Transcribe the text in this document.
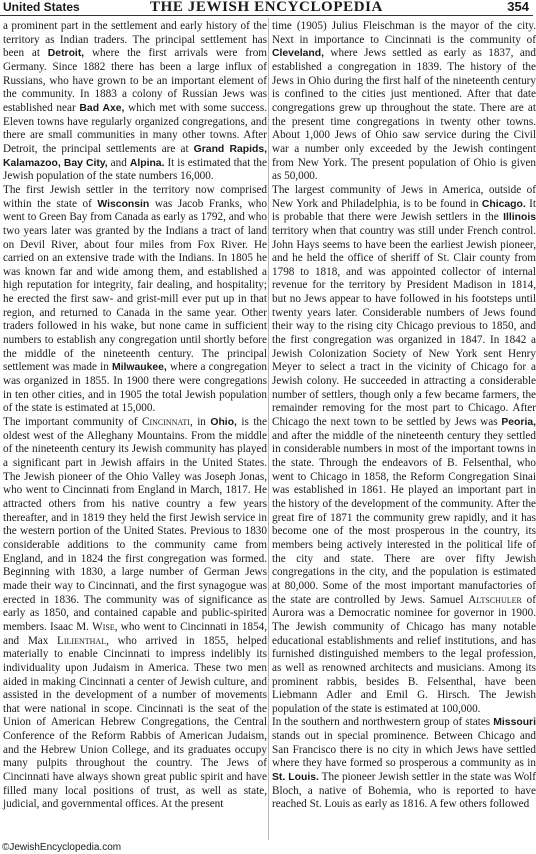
United States	THE JEWISH ENCYCLOPEDIA	354

a prominent part in the settlement and early history of the territory as Indian traders. The principal settlement has been at Detroit, where the first arrivals were from Germany. Since 1882 there has been a large influx of Russians, who have grown to be an important element of the community. In 1883 a colony of Russian Jews was established near Bad Axe, which met with some success. Eleven towns have regularly organized congregations, and there are small communities in many other towns. After Detroit, the principal settlements are at Grand Rapids, Kalamazoo, Bay City, and Alpina. It is estimated that the Jewish population of the state numbers 16,000.

The first Jewish settler in the territory now comprised within the state of Wisconsin was Jacob Franks, who went to Green Bay from Canada as early as 1792, and who two years later was granted by the Indians a tract of land on Devil River, about four miles from Fox River. He carried on an extensive trade with the Indians. In 1805 he was known far and wide among them, and established a high reputation for integrity, fair dealing, and hospitality; he erected the first saw- and grist-mill ever put up in that region, and returned to Canada in the same year. Other traders followed in his wake, but none came in sufficient numbers to establish any congregation until shortly before the middle of the nineteenth century. The principal settlement was made in Milwaukee, where a congregation was organized in 1855. In 1900 there were congregations in ten other cities, and in 1905 the total Jewish population of the state is estimated at 15,000.

The important community of Cincinnati, in Ohio, is the oldest west of the Alleghany Mountains. From the middle of the nineteenth century its Jewish community has played a significant part in Jewish affairs in the United States. The Jewish pioneer of the Ohio Valley was Joseph Jonas, who went to Cincinnati from England in March, 1817. He attracted others from his native country a few years thereafter, and in 1819 they held the first Jewish service in the western portion of the United States. Previous to 1830 considerable additions to the community came from England, and in 1824 the first congregation was formed. Beginning with 1830, a large number of German Jews made their way to Cincinnati, and the first synagogue was erected in 1836. The community was of significance as early as 1850, and contained capable and public-spirited members. Isaac M. Wise, who went to Cincinnati in 1854, and Max Lilienthal, who arrived in 1855, helped materially to enable Cincinnati to impress indelibly its individuality upon Judaism in America. These two men aided in making Cincinnati a center of Jewish culture, and assisted in the development of a number of movements that were national in scope. Cincinnati is the seat of the Union of American Hebrew Congregations, the Central Conference of the Reform Rabbis of American Judaism, and the Hebrew Union College, and its graduates occupy many pulpits throughout the country. The Jews of Cincinnati have always shown great public spirit and have filled many local positions of trust, as well as state, judicial, and governmental offices. At the present

time (1905) Julius Fleischman is the mayor of the city. Next in importance to Cincinnati is the community of Cleveland, where Jews settled as early as 1837, and established a congregation in 1839. The history of the Jews in Ohio during the first half of the nineteenth century is confined to the cities just mentioned. After that date congregations grew up throughout the state. There are at the present time congregations in twenty other towns. About 1,000 Jews of Ohio saw service during the Civil war a number only exceeded by the Jewish contingent from New York. The present population of Ohio is given as 50,000.

The largest community of Jews in America, outside of New York and Philadelphia, is to be found in Chicago. It is probable that there were Jewish settlers in the Illinois territory when that country was still under French control. John Hays seems to have been the earliest Jewish pioneer, and he held the office of sheriff of St. Clair county from 1798 to 1818, and was appointed collector of internal revenue for the territory by President Madison in 1814, but no Jews appear to have followed in his footsteps until twenty years later. Considerable numbers of Jews found their way to the rising city Chicago previous to 1850, and the first congregation was organized in 1847. In 1842 a Jewish Colonization Society of New York sent Henry Meyer to select a tract in the vicinity of Chicago for a Jewish colony. He succeeded in attracting a considerable number of settlers, though only a few became farmers, the remainder removing for the most part to Chicago. After Chicago the next town to be settled by Jews was Peoria, and after the middle of the nineteenth century they settled in considerable numbers in most of the important towns in the state. Through the endeavors of B. Felsenthal, who went to Chicago in 1858, the Reform Congregation Sinai was established in 1861. He played an important part in the history of the development of the community. After the great fire of 1871 the community grew rapidly, and it has become one of the most prosperous in the country, its members being actively interested in the political life of the city and state. There are over fifty Jewish congregations in the city, and the population is estimated at 80,000. Some of the most important manufactories of the state are controlled by Jews. Samuel Altschuler of Aurora was a Democratic nominee for governor in 1900. The Jewish community of Chicago has many notable educational establishments and relief institutions, and has furnished distinguished members to the legal profession, as well as renowned architects and musicians. Among its prominent rabbis, besides B. Felsenthal, have been Liebmann Adler and Emil G. Hirsch. The Jewish population of the state is estimated at 100,000.

In the southern and northwestern group of states Missouri stands out in special prominence. Between Chicago and San Francisco there is no city in which Jews have settled where they have formed so prosperous a community as in St. Louis. The pioneer Jewish settler in the state was Wolf Bloch, a native of Bohemia, who is reported to have reached St. Louis as early as 1816. A few others followed

©JewishEncyclopedia.com
